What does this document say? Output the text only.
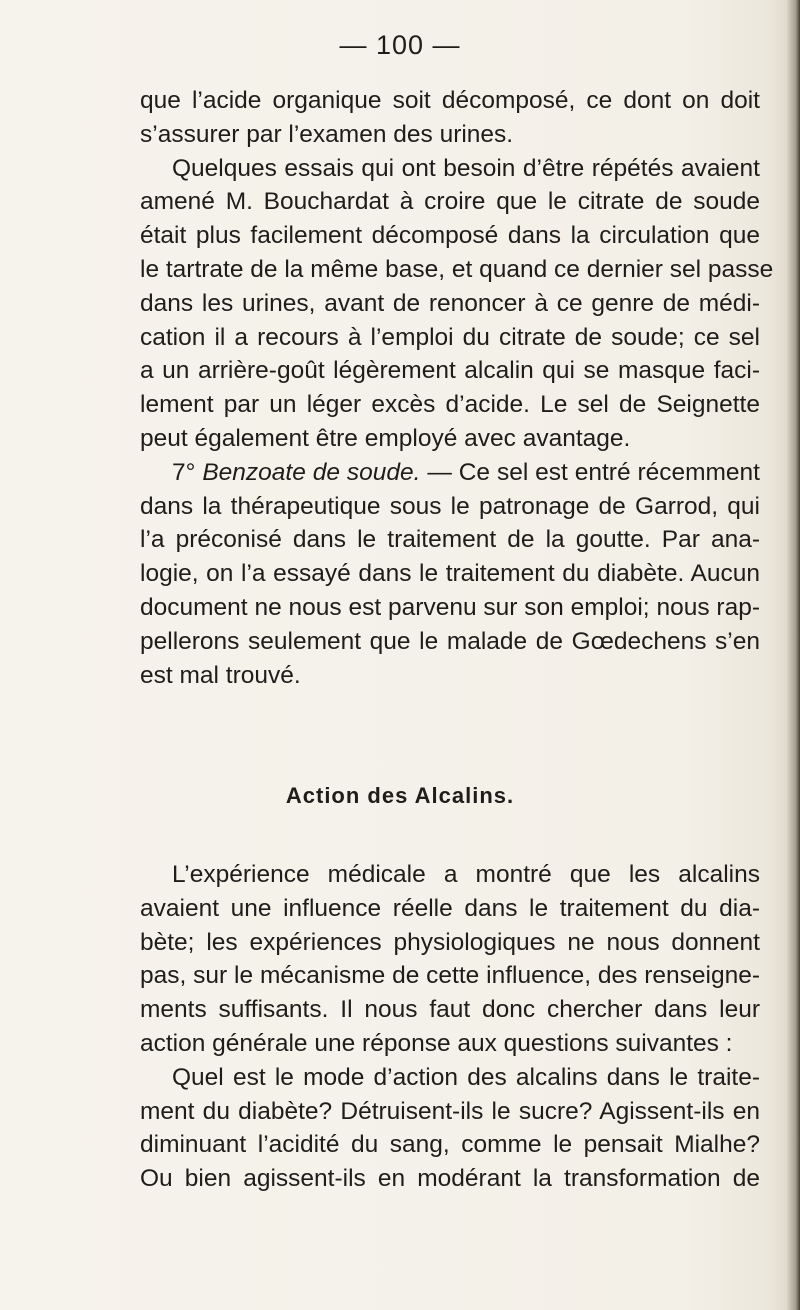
— 100 —

que l’acide organique soit décomposé, ce dont on doit
s’assurer par l’examen des urines.

Quelques essais qui ont besoin d’être répétés avaient
amené M. Bouchardat à croire que le citrate de soude
était plus facilement décomposé dans la circulation que
le tartrate de la même base, et quand ce dernier sel passe
dans les urines, avant de renoncer à ce genre de médi-
cation il a recours à l’emploi du citrate de soude; ce sel
a un arrière-goût légèrement alcalin qui se masque faci-
lement par un léger excès d’acide. Le sel de Seignette
peut également être employé avec avantage.

7° Benzoate de soude. — Ce sel est entré récemment
dans la thérapeutique sous le patronage de Garrod, qui
l’a préconisé dans le traitement de la goutte. Par ana-
logie, on l’a essayé dans le traitement du diabète. Aucun
document ne nous est parvenu sur son emploi; nous rap-
pellerons seulement que le malade de Gœdechens s’en
est mal trouvé.

Action des Alcalins.

L’expérience médicale a montré que les alcalins
avaient une influence réelle dans le traitement du dia-
bète; les expériences physiologiques ne nous donnent
pas, sur le mécanisme de cette influence, des renseigne-
ments suffisants. Il nous faut donc chercher dans leur
action générale une réponse aux questions suivantes :

Quel est le mode d’action des alcalins dans le traite-
ment du diabète? Détruisent-ils le sucre? Agissent-ils en
diminuant l’acidité du sang, comme le pensait Mialhe?
Ou bien agissent-ils en modérant la transformation de
